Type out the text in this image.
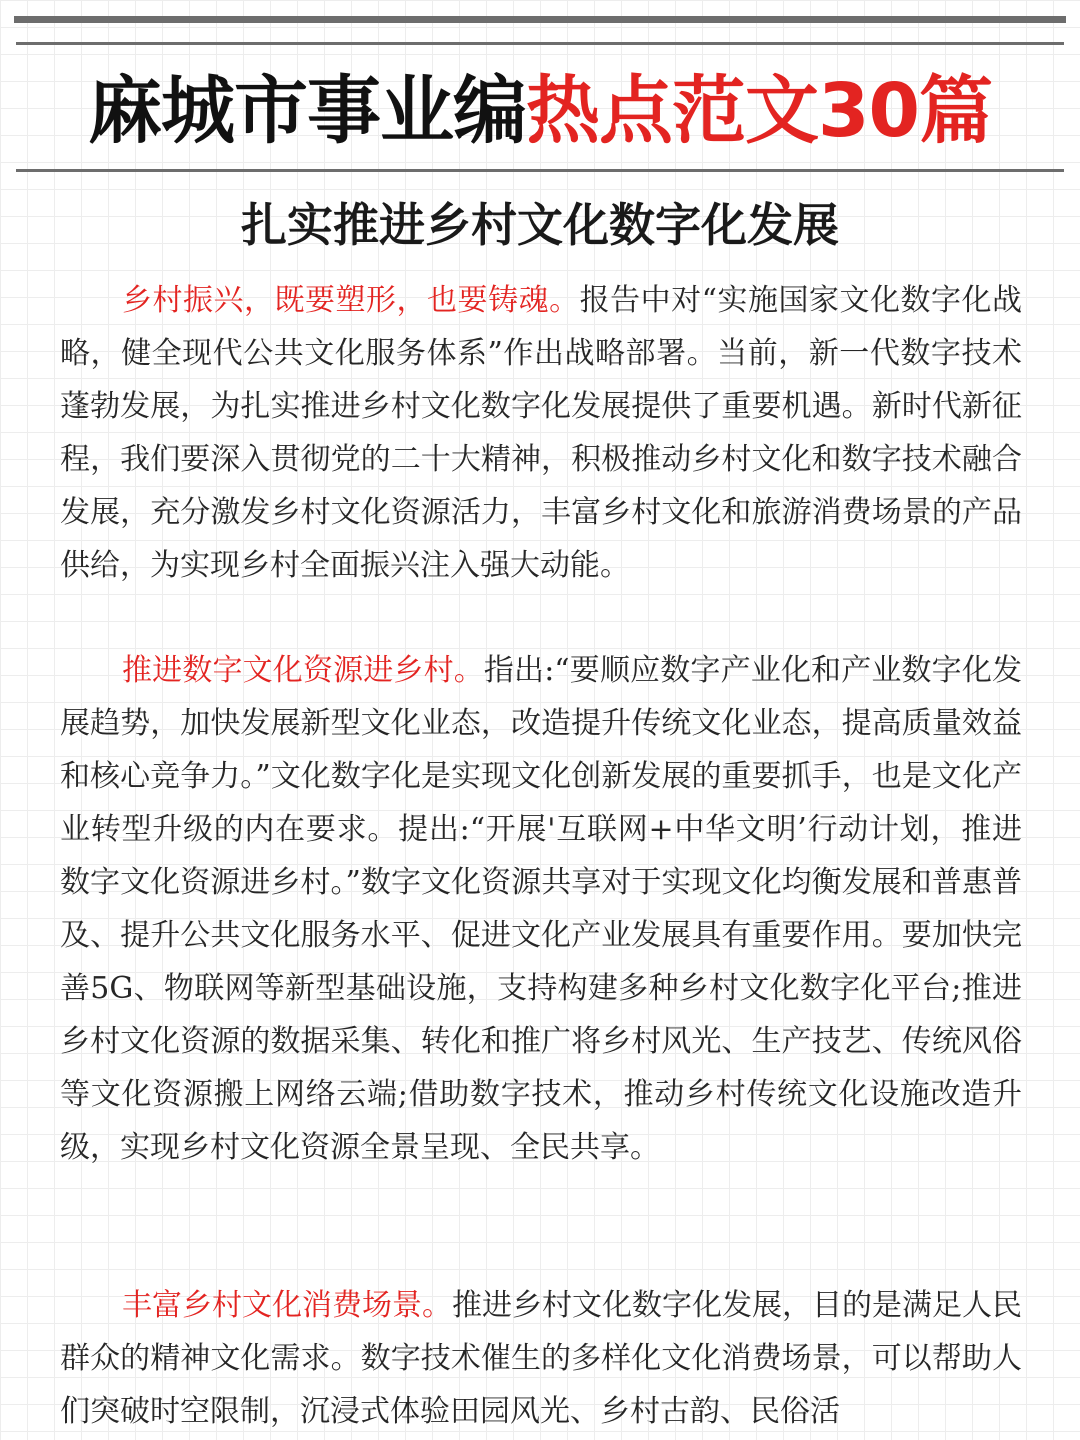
麻城市事业编热点范文30篇
扎实推进乡村文化数字化发展

乡村振兴，既要塑形，也要铸魂。报告中对“实施国家文化数字化战略，健全现代公共文化服务体系”作出战略部署。当前，新一代数字技术蓬勃发展，为扎实推进乡村文化数字化发展提供了重要机遇。新时代新征程，我们要深入贯彻党的二十大精神，积极推动乡村文化和数字技术融合发展，充分激发乡村文化资源活力，丰富乡村文化和旅游消费场景的产品供给，为实现乡村全面振兴注入强大动能。

推进数字文化资源进乡村。指出:“要顺应数字产业化和产业数字化发展趋势，加快发展新型文化业态，改造提升传统文化业态，提高质量效益和核心竞争力。”文化数字化是实现文化创新发展的重要抓手，也是文化产业转型升级的内在要求。提出:“开展'互联网+中华文明’行动计划，推进数字文化资源进乡村。”数字文化资源共享对于实现文化均衡发展和普惠普及、提升公共文化服务水平、促进文化产业发展具有重要作用。要加快完善5G、物联网等新型基础设施，支持构建多种乡村文化数字化平台;推进乡村文化资源的数据采集、转化和推广将乡村风光、生产技艺、传统风俗等文化资源搬上网络云端;借助数字技术，推动乡村传统文化设施改造升级，实现乡村文化资源全景呈现、全民共享。

丰富乡村文化消费场景。推进乡村文化数字化发展，目的是满足人民群众的精神文化需求。数字技术催生的多样化文化消费场景，可以帮助人们突破时空限制，沉浸式体验田园风光、乡村古韵、民俗活
